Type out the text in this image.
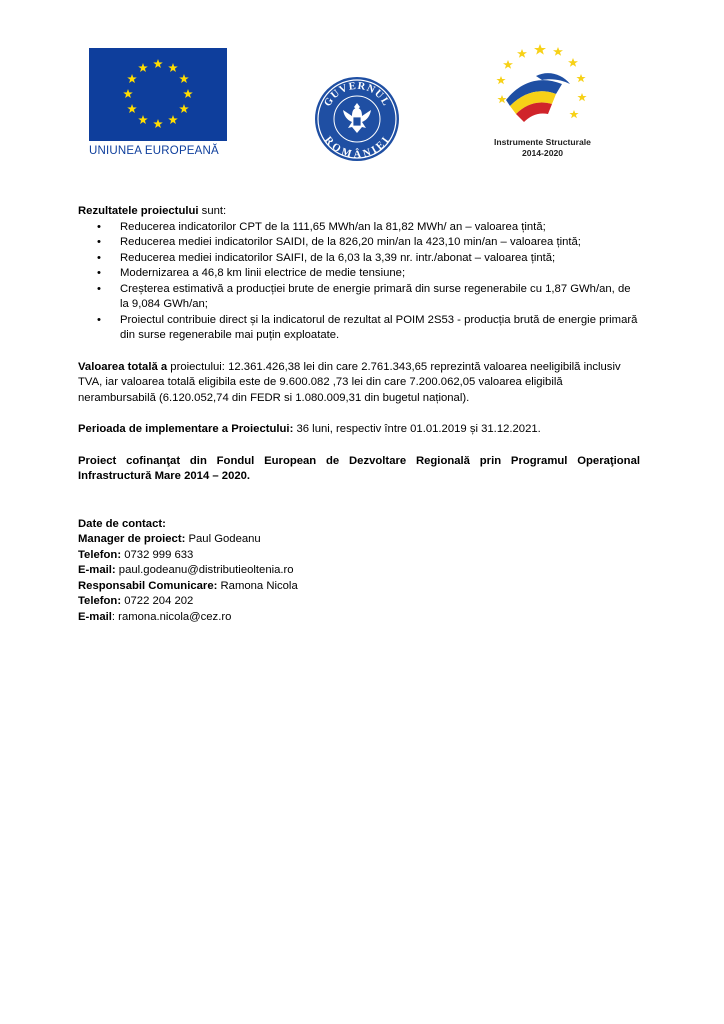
UNIUNEA EUROPEANĂ
GUVERNUL
ROMÂNIEI	Instrumente Structurale
2014-2020

Rezultatele proiectului sunt:

• Reducerea indicatorilor CPT de la 111,65 MWh/an la 81,82 MWh/ an – valoarea țintă;
• Reducerea mediei indicatorilor SAIDI, de la 826,20 min/an la 423,10 min/an – valoarea țintă;
• Reducerea mediei indicatorilor SAIFI, de la 6,03 la 3,39 nr. intr./abonat – valoarea țintă;
• Modernizarea a 46,8 km linii electrice de medie tensiune;
• Creșterea estimativă a producției brute de energie primară din surse regenerabile cu 1,87 GWh/an, de la 9,084 GWh/an;
• Proiectul contribuie direct și la indicatorul de rezultat al POIM 2S53 - producția brută de energie primară din surse regenerabile mai puțin exploatate.

Valoarea totală a proiectului: 12.361.426,38 lei din care 2.761.343,65 reprezintă valoarea neeligibilă inclusiv TVA, iar valoarea totală eligibila este de 9.600.082 ,73 lei din care 7.200.062,05 valoarea eligibilă nerambursabilă (6.120.052,74 din FEDR si 1.080.009,31 din bugetul național).

Perioada de implementare a Proiectului: 36 luni, respectiv între 01.01.2019 și 31.12.2021.

Proiect cofinanţat din Fondul European de Dezvoltare Regională prin Programul Operaţional Infrastructură Mare 2014 – 2020.

Date de contact:

Manager de proiect: Paul Godeanu

Telefon: 0732 999 633

E-mail: paul.godeanu@distributieoltenia.ro

Responsabil Comunicare: Ramona Nicola

Telefon: 0722 204 202

E-mail: ramona.nicola@cez.ro
